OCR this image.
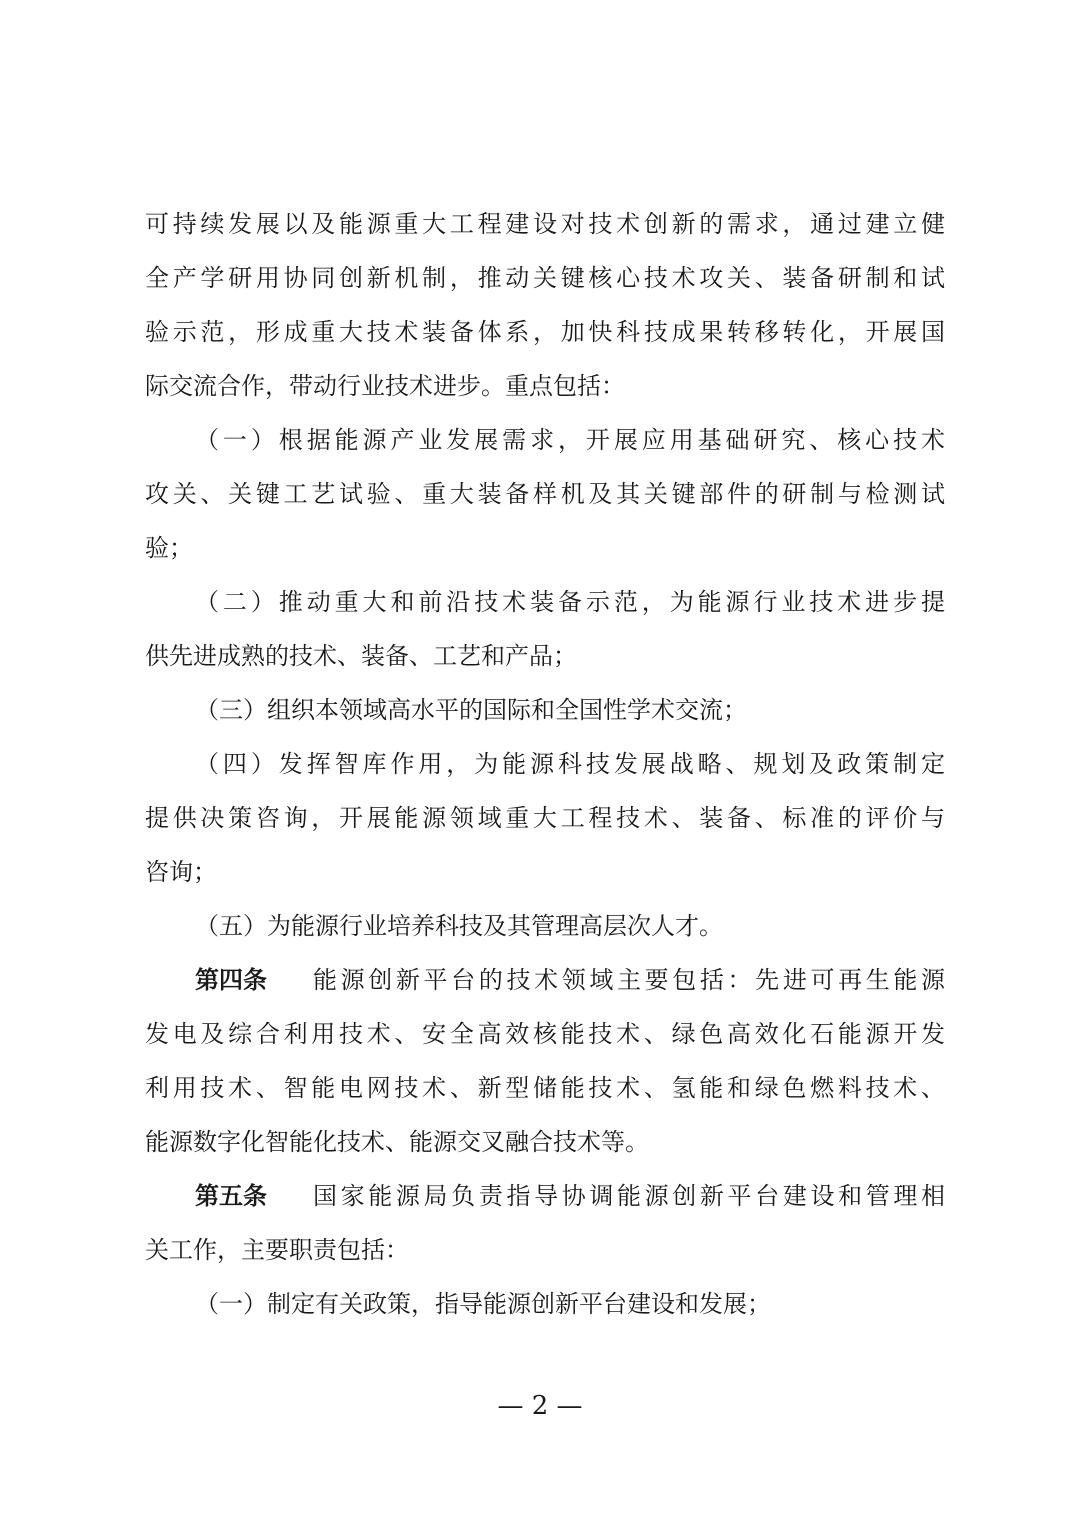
可持续发展以及能源重大工程建设对技术创新的需求，通过建立健
全产学研用协同创新机制，推动关键核心技术攻关、装备研制和试
验示范，形成重大技术装备体系，加快科技成果转移转化，开展国
际交流合作，带动行业技术进步。重点包括：
（一）根据能源产业发展需求，开展应用基础研究、核心技术
攻关、关键工艺试验、重大装备样机及其关键部件的研制与检测试
验；
（二）推动重大和前沿技术装备示范，为能源行业技术进步提
供先进成熟的技术、装备、工艺和产品；
（三）组织本领域高水平的国际和全国性学术交流；
（四）发挥智库作用，为能源科技发展战略、规划及政策制定
提供决策咨询，开展能源领域重大工程技术、装备、标准的评价与
咨询；
（五）为能源行业培养科技及其管理高层次人才。
第四条	能源创新平台的技术领域主要包括：先进可再生能源
发电及综合利用技术、安全高效核能技术、绿色高效化石能源开发
利用技术、智能电网技术、新型储能技术、氢能和绿色燃料技术、
能源数字化智能化技术、能源交叉融合技术等。
第五条	国家能源局负责指导协调能源创新平台建设和管理相
关工作，主要职责包括：
（一）制定有关政策，指导能源创新平台建设和发展；
— 2 —
